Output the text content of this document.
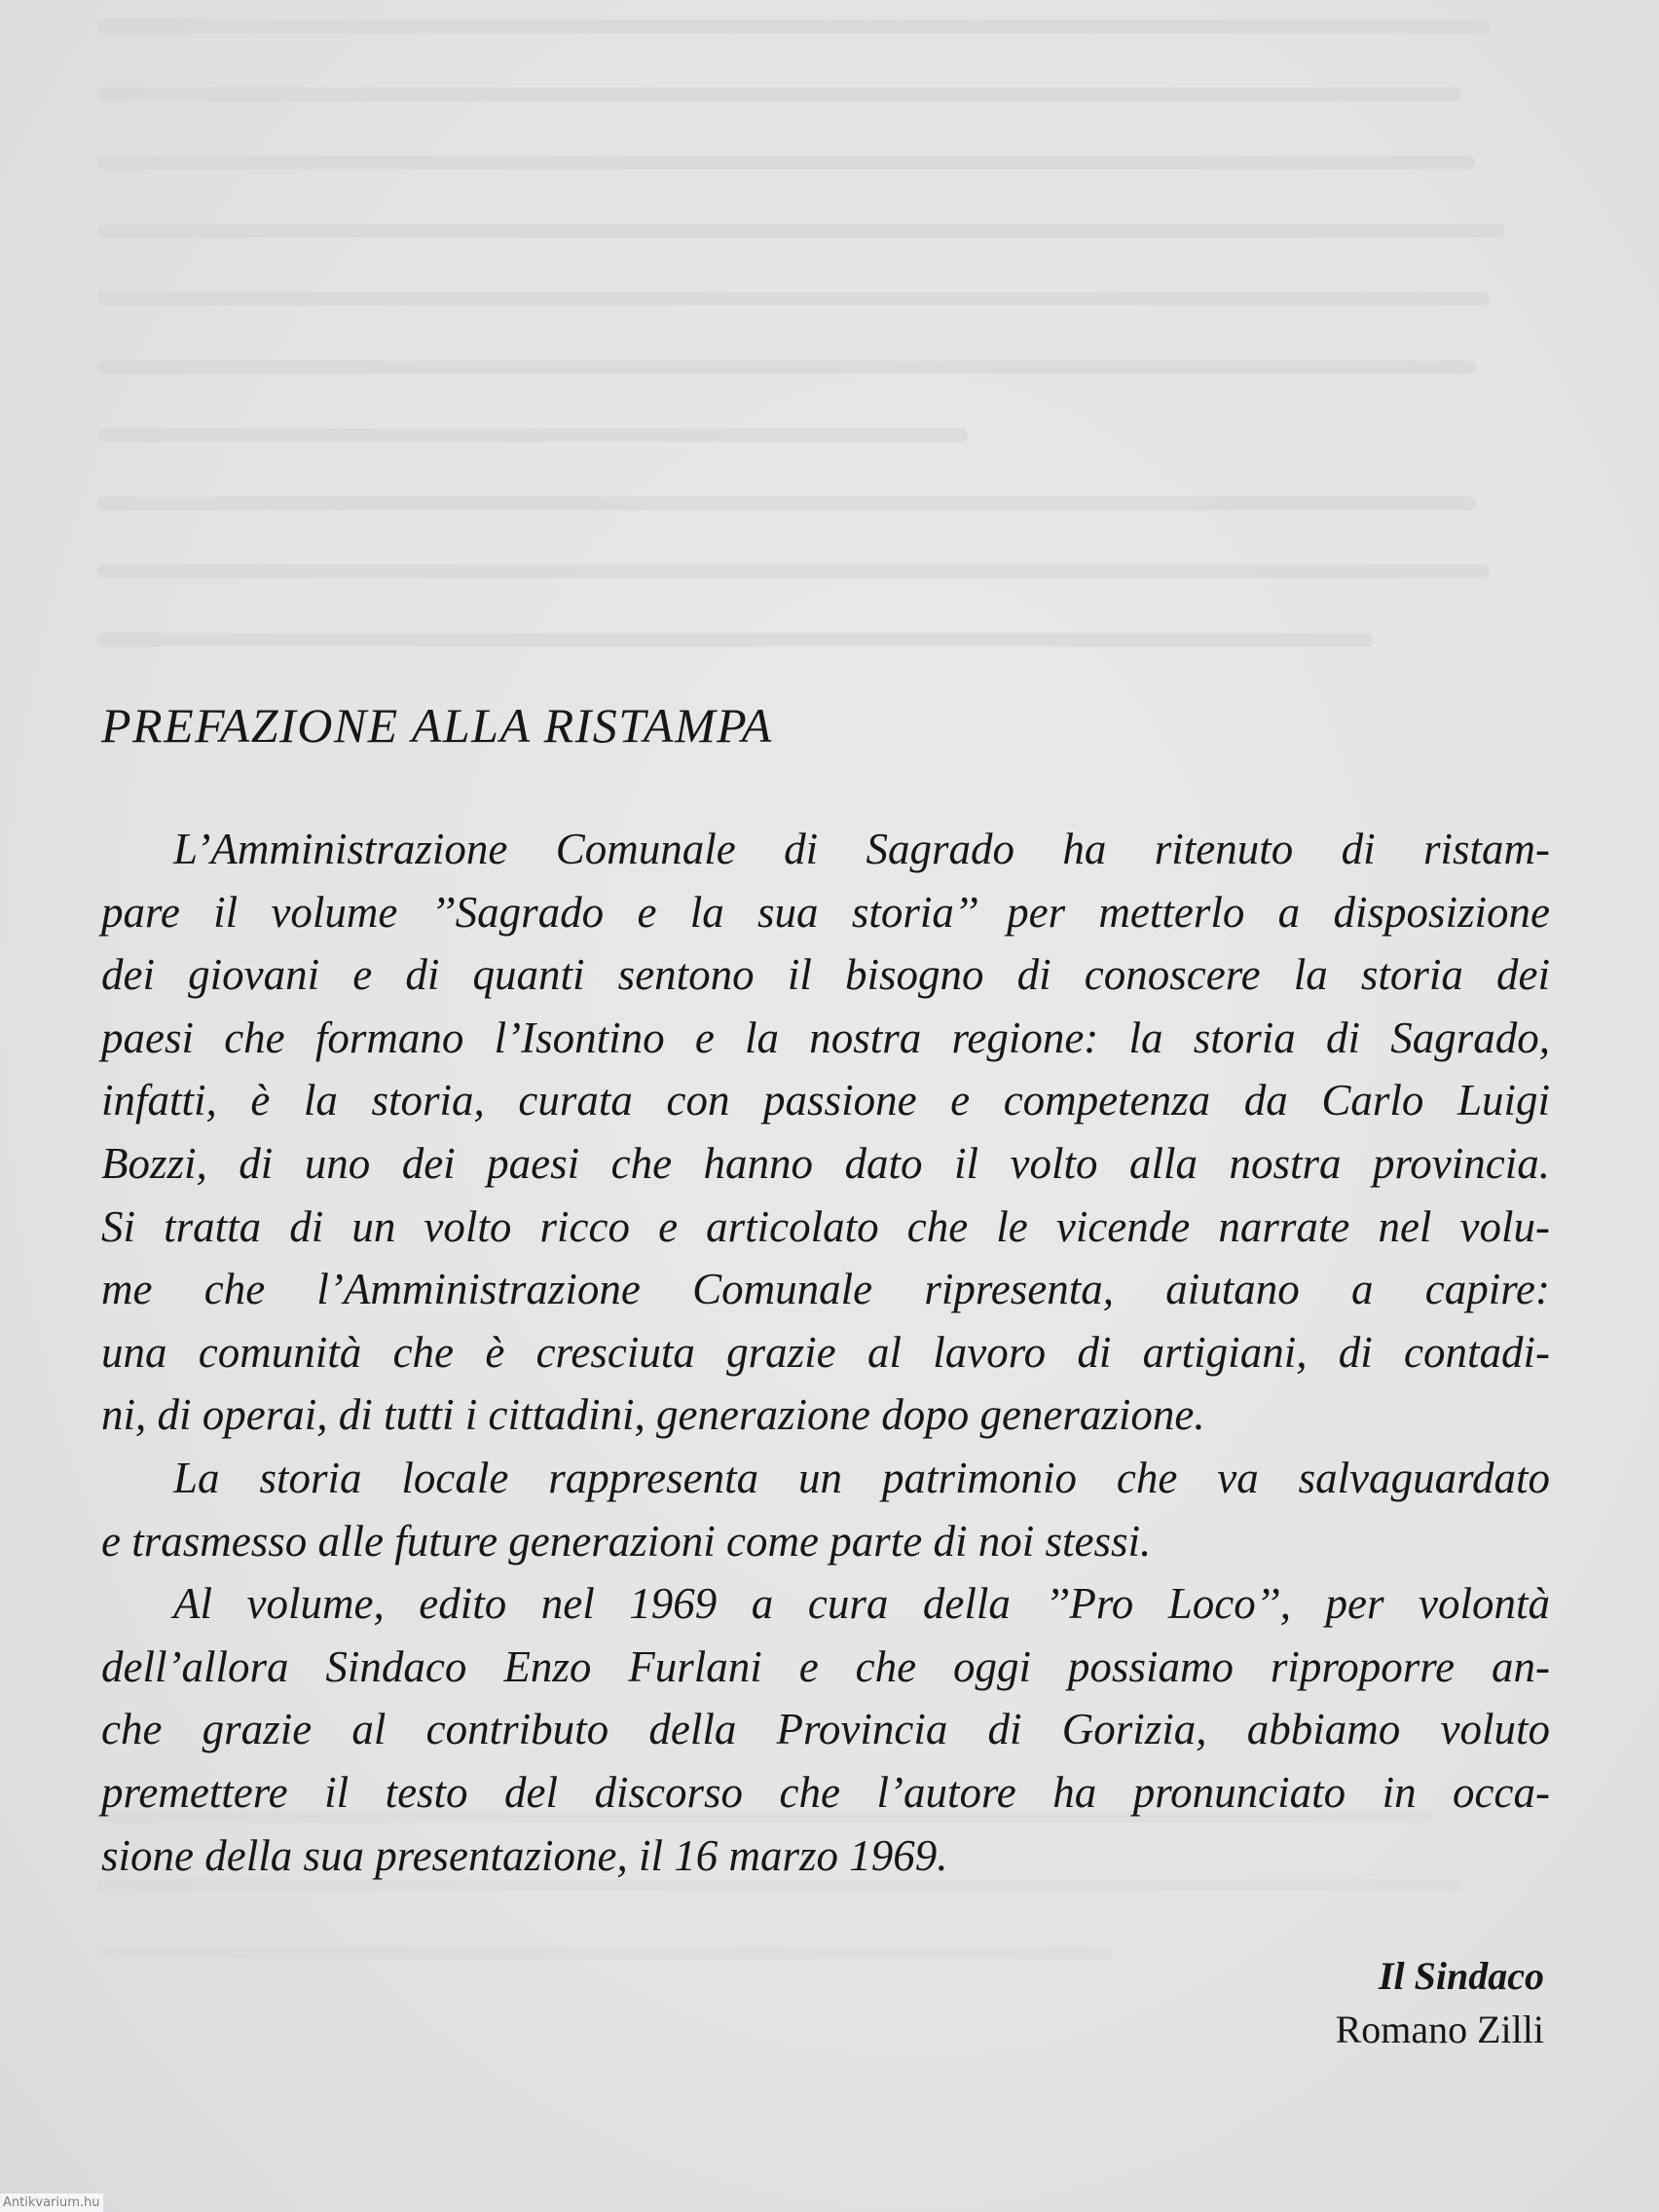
PREFAZIONE ALLA RISTAMPA
L’Amministrazione Comunale di Sagrado ha ritenuto di ristam-
pare il volume ’’Sagrado e la sua storia’’ per metterlo a disposizione
dei giovani e di quanti sentono il bisogno di conoscere la storia dei
paesi che formano l’Isontino e la nostra regione: la storia di Sagrado,
infatti, è la storia, curata con passione e competenza da Carlo Luigi
Bozzi, di uno dei paesi che hanno dato il volto alla nostra provincia.
Si tratta di un volto ricco e articolato che le vicende narrate nel volu-
me che l’Amministrazione Comunale ripresenta, aiutano a capire:
una comunità che è cresciuta grazie al lavoro di artigiani, di contadi-
ni, di operai, di tutti i cittadini, generazione dopo generazione.
La storia locale rappresenta un patrimonio che va salvaguardato
e trasmesso alle future generazioni come parte di noi stessi.
Al volume, edito nel 1969 a cura della ’’Pro Loco’’, per volontà
dell’allora Sindaco Enzo Furlani e che oggi possiamo riproporre an-
che grazie al contributo della Provincia di Gorizia, abbiamo voluto
premettere il testo del discorso che l’autore ha pronunciato in occa-
sione della sua presentazione, il 16 marzo 1969.
Il Sindaco
Romano Zilli
Antikvarium.hu
